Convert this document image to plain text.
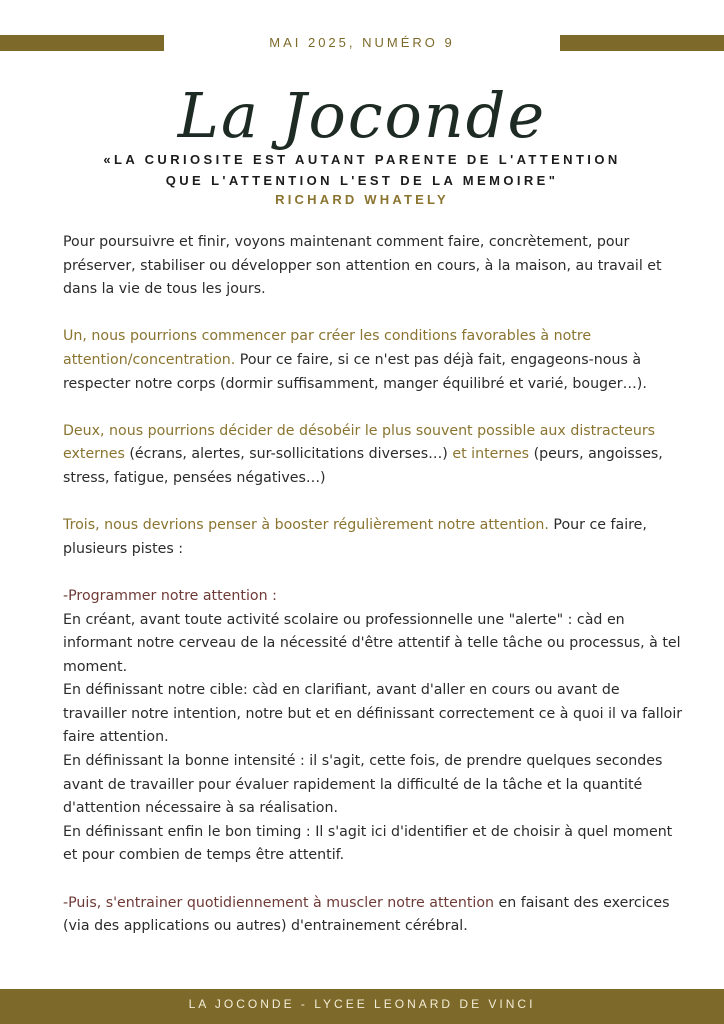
MAI 2025, NUMÉRO 9
La Joconde
«LA CURIOSITE EST AUTANT PARENTE DE L'ATTENTION
QUE L'ATTENTION L'EST DE LA MEMOIRE"
RICHARD WHATELY

Pour poursuivre et finir, voyons maintenant comment faire, concrètement, pour préserver, stabiliser ou développer son attention en cours, à la maison, au travail et dans la vie de tous les jours.

Un, nous pourrions commencer par créer les conditions favorables à notre attention/concentration. Pour ce faire, si ce n'est pas déjà fait, engageons-nous à respecter notre corps (dormir suffisamment, manger équilibré et varié, bouger…).

Deux, nous pourrions décider de désobéir le plus souvent possible aux distracteurs externes (écrans, alertes, sur-sollicitations diverses…) et internes (peurs, angoisses, stress, fatigue, pensées négatives…)

Trois, nous devrions penser à booster régulièrement notre attention. Pour ce faire, plusieurs pistes :

-Programmer notre attention :

En créant, avant toute activité scolaire ou professionnelle une "alerte" : càd en informant notre cerveau de la nécessité d'être attentif à telle tâche ou processus, à tel moment.

En définissant notre cible: càd en clarifiant, avant d'aller en cours ou avant de travailler notre intention, notre but et en définissant correctement ce à quoi il va falloir faire attention.

En définissant la bonne intensité : il s'agit, cette fois, de prendre quelques secondes avant de travailler pour évaluer rapidement la difficulté de la tâche et la quantité d'attention nécessaire à sa réalisation.

En définissant enfin le bon timing : Il s'agit ici d'identifier et de choisir à quel moment et pour combien de temps être attentif.

-Puis, s'entrainer quotidiennement à muscler notre attention en faisant des exercices (via des applications ou autres) d'entrainement cérébral.

LA JOCONDE - LYCEE LEONARD DE VINCI
